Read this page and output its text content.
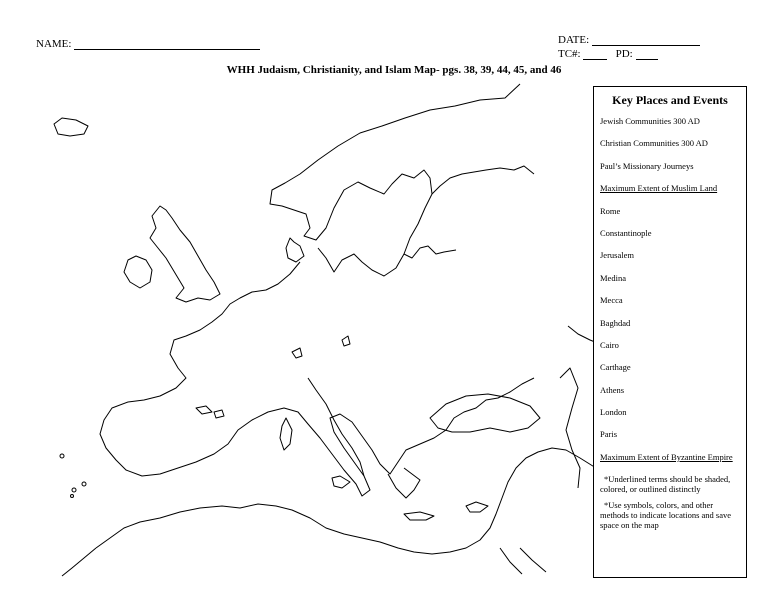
NAME:	DATE:
TC#:	PD:
WHH Judaism, Christianity, and Islam Map- pgs. 38, 39, 44, 45, and 46
Key Places and Events
Jewish Communities 300 AD
Christian Communities 300 AD
Paul’s Missionary Journeys
Maximum Extent of Muslim Land
Rome
Constantinople
Jerusalem
Medina
Mecca
Baghdad
Cairo
Carthage
Athens
London
Paris
Maximum Extent of Byzantine Empire
*Underlined terms should be shaded, colored, or outlined distinctly
*Use symbols, colors, and other methods to indicate locations and save space on the map
